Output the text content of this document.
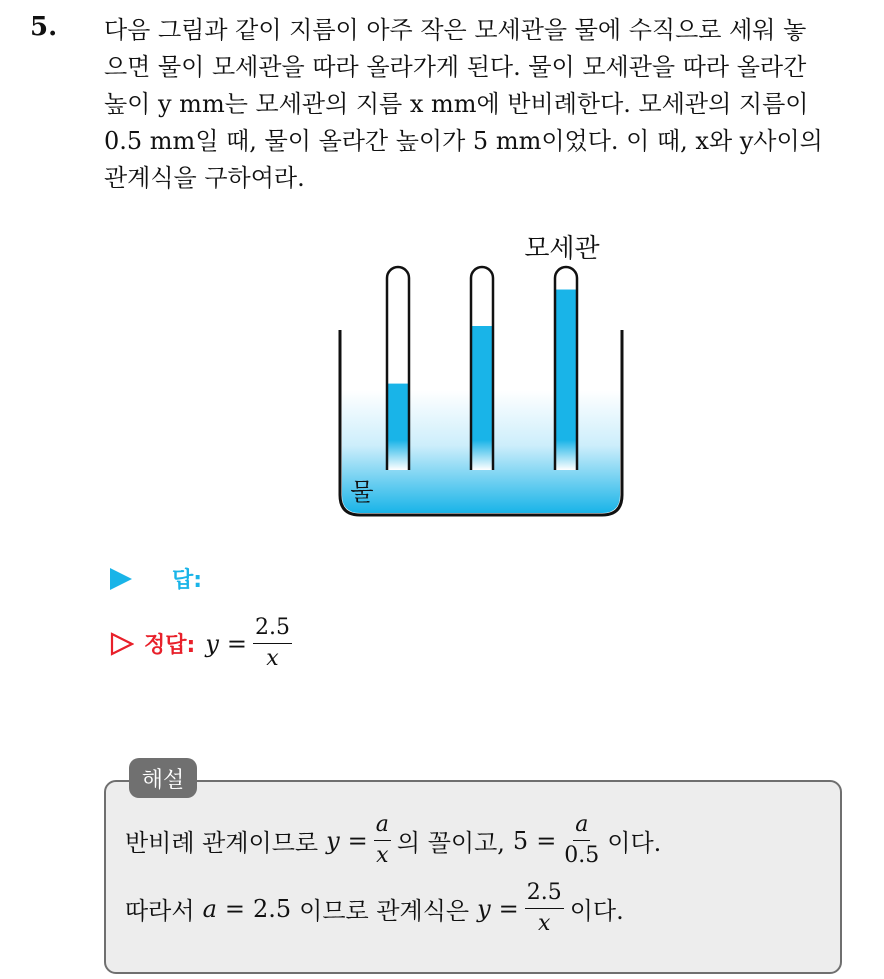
5. 다음 그림과 같이 지름이 아주 작은 모세관을 물에 수직으로 세워 놓
으면 물이 모세관을 따라 올라가게 된다. 물이 모세관을 따라 올라간
높이 y mm는 모세관의 지름 x mm에 반비례한다. 모세관의 지름이
0.5 mm일 때, 물이 올라간 높이가 5 mm이었다. 이 때, x와 y사이의
관계식을 구하여라.
모세관
물
답:
정답: $y = \frac{2.5}{x}$
해설
반비례 관계이므로 $y = \frac{a}{x}$ 의 꼴이고, $5 = \frac{a}{0.5}$ 이다.
따라서 a = 2.5 이므로 관계식은 $y = \frac{2.5}{x}$ 이다.
